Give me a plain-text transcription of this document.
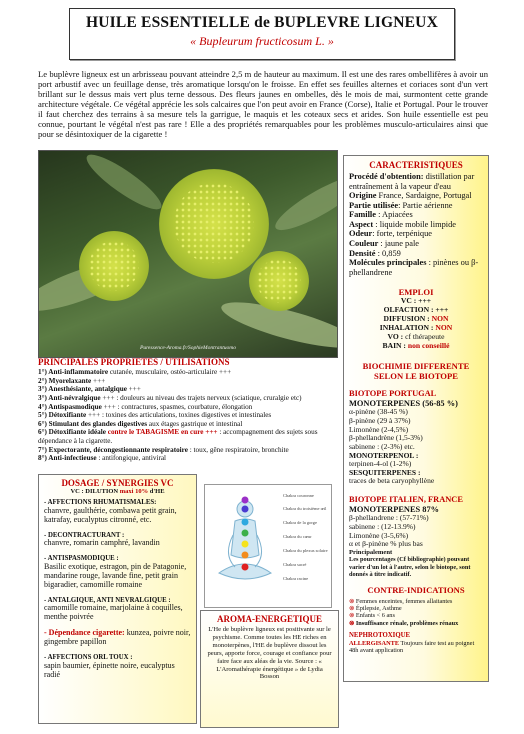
HUILE ESSENTIELLE de BUPLEVRE LIGNEUX
« Bupleurum fructicosum L. »

Le buplèvre ligneux est un arbrisseau pouvant atteindre 2,5 m de hauteur au maximum. Il est une des rares ombellifères à avoir un port arbustif avec un feuillage dense, très aromatique lorsqu'on le froisse. En effet ses feuilles alternes et coriaces sont d'un vert brillant sur le dessus mais vert plus terne dessous. Des fleurs jaunes en ombelles, dès le mois de mai, surmontent cette grande architecture végétale. Ce végétal apprécie les sols calcaires que l'on peut avoir en France (Corse), Italie et Portugal. Pour le trouver il faut cherchez des terrains à sa mesure tels la garrigue, le maquis et les coteaux secs et arides. Son huile essentielle est peu connue, pourtant le végétal n'est pas rare ! Elle a des propriétés remarquables pour les problèmes musculo-articulaires ainsi que pour se désintoxiquer de la cigarette !

Puressence-Aroma.fr/SophieMontrantuomo
CARACTERISTIQUES
Procédé d'obtention: distillation par entraînement à la vapeur d'eau
Origine France, Sardaigne, Portugal
Partie utilisée: Partie aérienne
Famille : Apiacées
Aspect : liquide mobile limpide
Odeur: forte, terpénique
Couleur : jaune pale
Densité : 0,859
Molécules principales : pinènes ou β-phellandrene
EMPLOI
VC : +++
OLFACTION : +++
DIFFUSION : NON
INHALATION : NON
VO : cf thérapeute
BAIN : non conseillé
BIOCHIMIE DIFFERENTE SELON LE BIOTOPE
BIOTOPE PORTUGAL
MONOTERPENES (56-85 %)
α-pinène (38-45 %)
β-pinène (29 à 37%)
Limonène (2-4,5%)
β-phellandrène (1,5-3%)
sabinene : (2-3%) etc.
MONOTERPENOL :
terpinen-4-ol (1-2%)
SESQUITERPENES :
traces de beta caryophyllène
BIOTOPE ITALIEN, FRANCE
MONOTERPENES 87%
β-phellandrene : (57-71%)
sabinene : (12-13.9%)
Limonène (3-5,6%)
α et β-pinène % plus bas
Principalement
Les pourcentages (Cf bibliographie) pouvant varier d'un lot à l'autre, selon le biotope, sont donnés à titre indicatif.
CONTRE-INDICATIONS
⊗ Femmes enceintes, femmes allaitantes
⊗ Épilepsie, Asthme
⊗ Enfants < 6 ans
⊗ Insuffisance rénale, problèmes rénaux
NEPHROTOXIQUE
ALLERGISANTE Toujours faire test au poignet 48h avant application
PRINCIPALES PROPRIETES / UTILISATIONS
1°) Anti-inflammatoire cutanée, musculaire, ostéo-articulaire +++
2°) Myorelaxante +++
3°) Anesthésiante, antalgique +++
3°) Anti-névralgique +++ : douleurs au niveau des trajets nerveux (sciatique, cruralgie etc)
4°) Antispasmodique +++ : contractures, spasmes, courbature, élongation
5°) Détoxifiante +++ : toxines des articulations, toxines digestives et intestinales
6°) Stimulant des glandes digestives aux étages gastrique et intestinal
6°) Détoxifiante idéale contre le TABAGISME en cure +++ : accompagnement des sujets sous dépendance à la cigarette.
7°) Expectorante, décongestionnante respiratoire : toux, gêne respiratoire, bronchite
8°) Anti-infectieuse : antifongique, antiviral
DOSAGE / SYNERGIES VC
VC : DILUTION maxi 10% d'HE
- AFFECTIONS RHUMATISMALES:
chanvre, gaulthérie, combawa petit grain, katrafay, eucalyptus citronné, etc.
- DECONTRACTURANT :
chanvre, romarin camphré, lavandin
- ANTISPASMODIQUE :
Basilic exotique, estragon, pin de Patagonie, mandarine rouge, lavande fine, petit grain bigaradier, camomille romaine
- ANTALGIQUE, ANTI NEVRALGIQUE :
camomille romaine, marjolaine à coquilles, menthe poivrée
- Dépendance cigarette: kunzea, poivre noir, gingembre papillon
- AFFECTIONS ORL TOUX :
sapin baumier, épinette noire, eucalyptus radié
Chakra couronne
Chakra du troisième œil
Chakra de la gorge
Chakra du cœur
Chakra du plexus solaire
Chakra sacré
Chakra racine
AROMA-ENERGETIQUE

L'He de buplèvre ligneux est positivante sur le psychisme. Comme toutes les HE riches en monoterpènes, l'HE de buplèvre dissout les peurs, apporte force, courage et confiance pour faire face aux aléas de la vie. Source : « L'Aromathérapie énergétique » de Lydia Bosson
